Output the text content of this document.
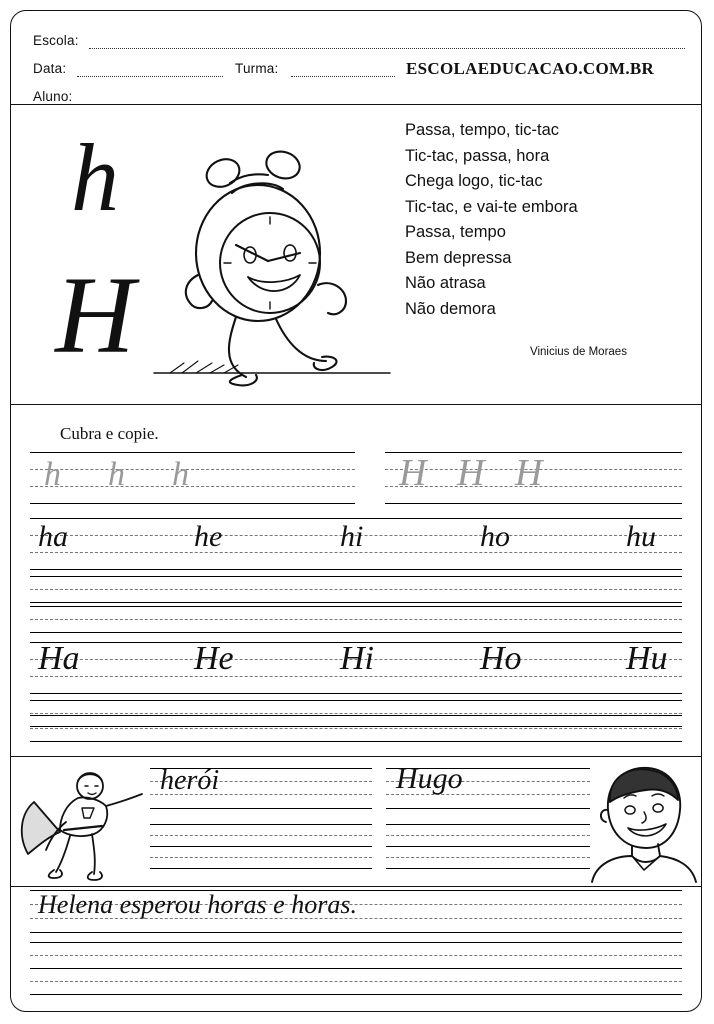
Escola:
Data:	Turma:
Aluno:
ESCOLAEDUCACAO.COM.BR
h
H
Passa, tempo, tic-tac
Tic-tac, passa, hora
Chega logo, tic-tac
Tic-tac, e vai-te embora
Passa, tempo
Bem depressa
Não atrasa
Não demora
Vinicius de Moraes
Cubra e copie.
h h h	H H H
ha	he	hi	ho	hu
Ha	He	Hi	Ho	Hu
herói	Hugo
Helena esperou horas e horas.
